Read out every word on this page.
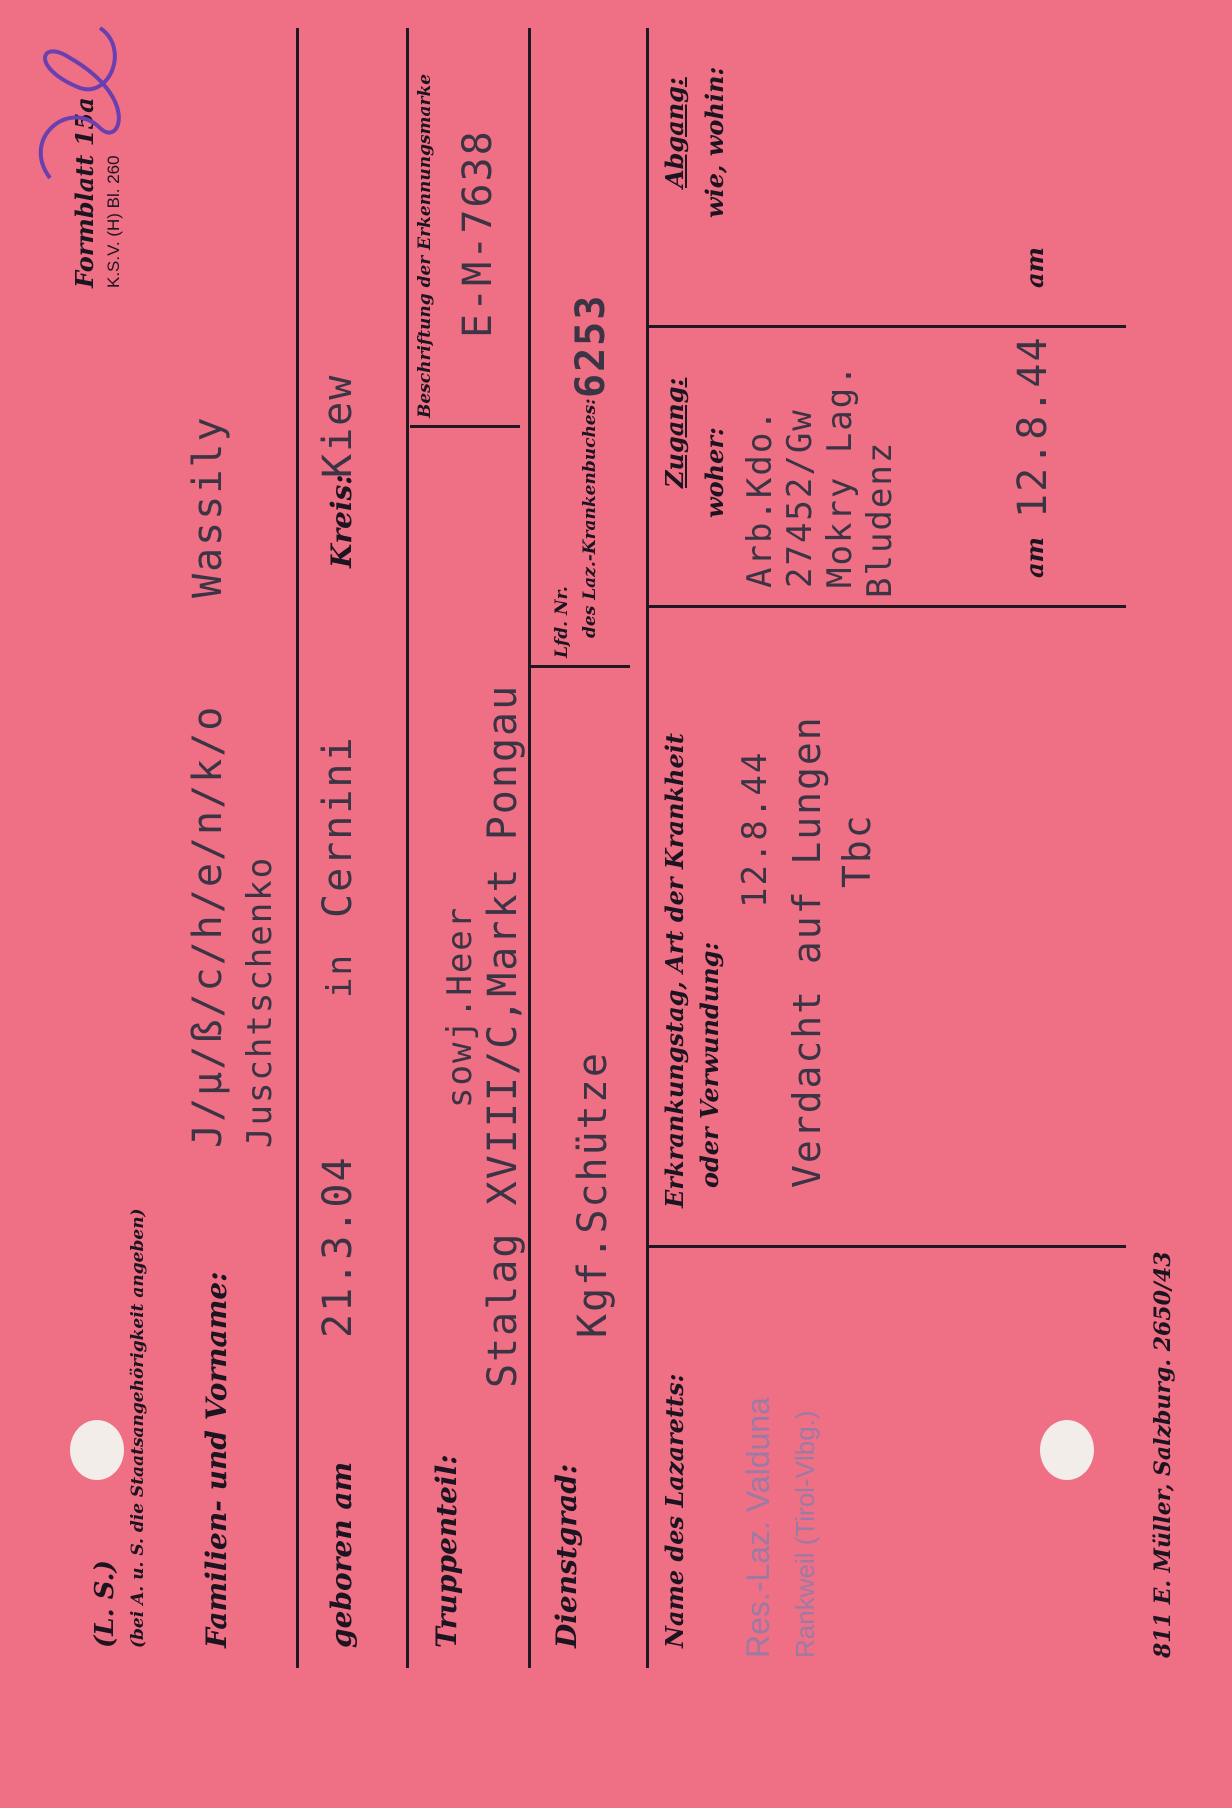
(L. S.) (bei A. u. S. die Staatsangehörigkeit angeben)
Formblatt 15a K.S.V. (H) Bl. 260
Familien- und Vorname:
J/μ/ß/c/h/e/n/k/o Juschtschenko
Wassily
geboren am
21.3.04
in
Cernini
Kreis:
Kiew
Truppenteil:
sowj.Heer Stalag XVIII/C,Markt Pongau
Beschriftung der Erkennungsmarke E-M-7638
Dienstgrad:
Kgf.Schütze
Lfd. Nr. des Laz.-Krankenbuches:
6253
Name des Lazaretts: Res.-Laz. Valduna Rankweil (Tirol-Vlbg.)
Erkrankungstag, Art der Krankheit oder Verwundung:
12.8.44 Verdacht auf Lungen Tbc
Zugang: woher: Arb.Kdo. 27452/Gw Mokry Lag. Bludenz	am
12.8.44
Abgang: wie, wohin:
am
811 E. Müller, Salzburg. 2650/43
